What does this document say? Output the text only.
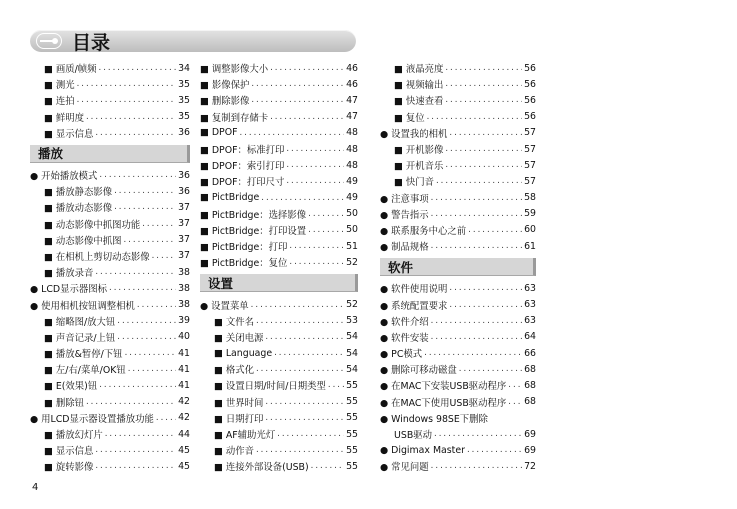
目录
■ 画质/帧频 .....	34
■ 测光 .....	35
■ 连拍 .....	35
■ 鲜明度 .....	35
■ 显示信息 .....	36
播放
● 开始播放模式 .....	36
■ 播放静态影像 .....	36
■ 播放动态影像 .....	37
■ 动态影像中抓图功能 .....	37
■ 动态影像中抓图 .....	37
■ 在相机上剪切动态影像 .....	37
■ 播放录音 .....	38
● LCD显示器图标 .....	38
● 使用相机按钮调整相机 .....	38
■ 缩略图/放大钮 .....	39
■ 声音记录/上钮 .....	40
■ 播放&暂停/下钮 .....	41
■ 左/右/菜单/OK钮 .....	41
■ E(效果)钮 .....	41
■ 删除钮 .....	42
● 用LCD显示器设置播放功能 .....	42
■ 播放幻灯片 .....	44
■ 显示信息 .....	45
■ 旋转影像 .....	45
■ 调整影像大小 .....	46
■ 影像保护 .....	46
■ 删除影像 .....	47
■ 复制到存储卡 .....	47
■ DPOF .....	48
■ DPOF：标准打印 .....	48
■ DPOF：索引打印 .....	48
■ DPOF：打印尺寸 .....	49
■ PictBridge .....	49
■ PictBridge：选择影像 .....	50
■ PictBridge：打印设置 .....	50
■ PictBridge：打印 .....	51
■ PictBridge：复位 .....	52
设置
● 设置菜单 .....	52
■ 文件名 .....	53
■ 关闭电源 .....	54
■ Language .....	54
■ 格式化 .....	54
■ 设置日期/时间/日期类型 ..... 55
■ 世界时间 .....	55
■ 日期打印 .....	55
■ AF辅助光灯 .....	55
■ 动作音 .....	55
■ 连接外部设备(USB) .....	55
■ 液晶亮度 .....	56
■ 视频输出 .....	56
■ 快速查看 .....	56
■ 复位 .....	56
● 设置我的相机 .....	57
■ 开机影像 .....	57
■ 开机音乐 .....	57
■ 快门音 .....	57
● 注意事项 .....	58
● 警告指示 .....	59
● 联系服务中心之前 .....	60
● 制品规格 .....	61
软件
● 软件使用说明 .....	63
● 系统配置要求 .....	63
● 软件介绍 .....	63
● 软件安装 .....	64
● PC模式 .....	66
● 删除可移动磁盘 .....	68
● 在MAC下安装USB驱动程序 ..... 68
● 在MAC下使用USB驱动程序 ..... 68
● Windows 98SE下删除
USB驱动 .....	69
● Digimax Master .....	69
● 常见问题 .....	72
4
